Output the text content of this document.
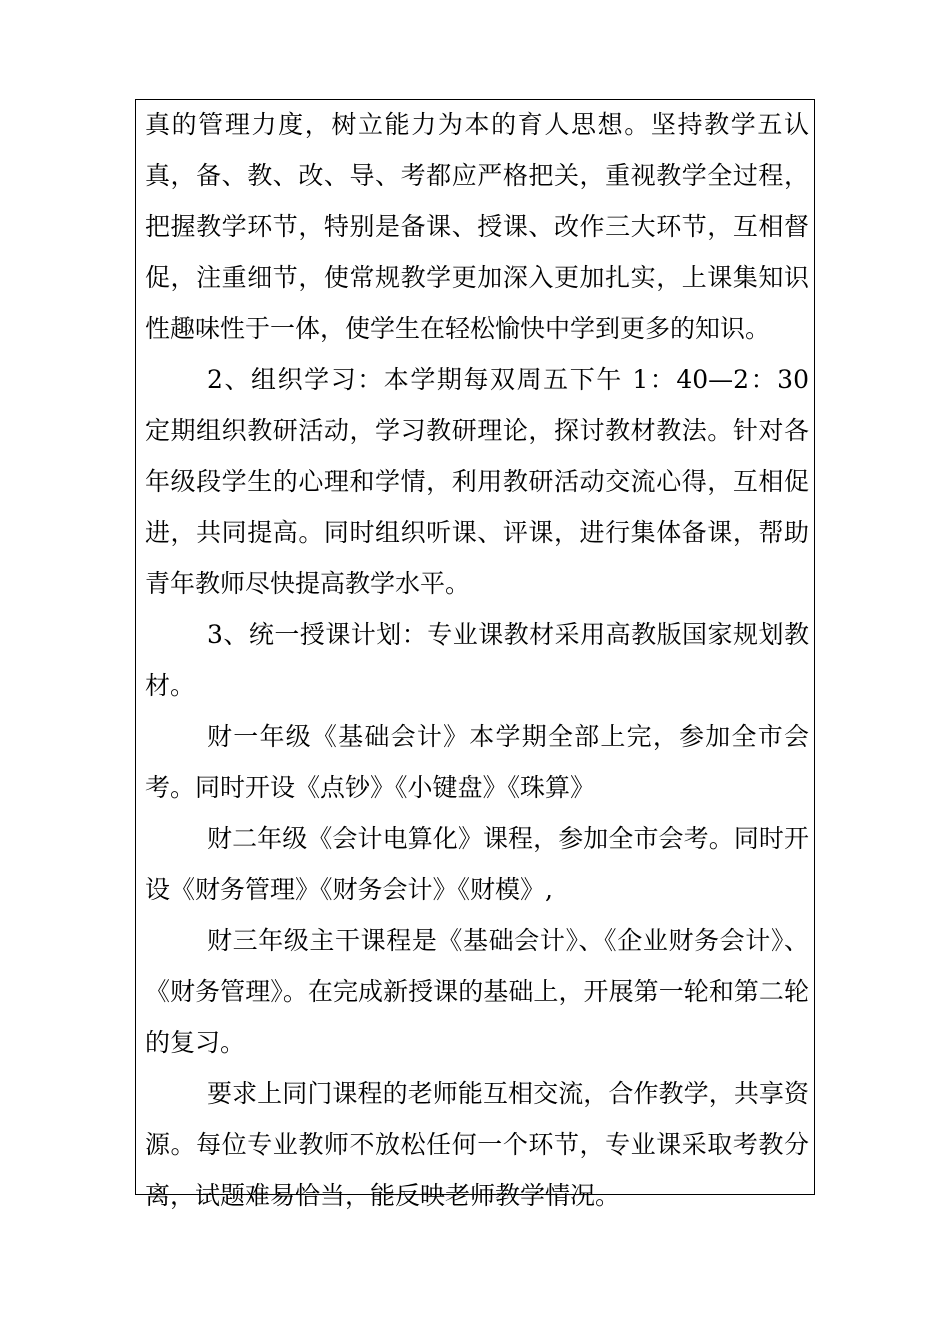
真的管理力度，树立能力为本的育人思想。坚持教学五认真，备、教、改、导、考都应严格把关，重视教学全过程，把握教学环节，特别是备课、授课、改作三大环节，互相督促，注重细节，使常规教学更加深入更加扎实，上课集知识性趣味性于一体，使学生在轻松愉快中学到更多的知识。

2、组织学习：本学期每双周五下午 1：40—2：30 定期组织教研活动，学习教研理论，探讨教材教法。针对各年级段学生的心理和学情，利用教研活动交流心得，互相促进，共同提高。同时组织听课、评课，进行集体备课，帮助青年教师尽快提高教学水平。

3、统一授课计划：专业课教材采用高教版国家规划教材。

财一年级《基础会计》本学期全部上完，参加全市会考。同时开设《点钞》《小键盘》《珠算》

财二年级《会计电算化》课程，参加全市会考。同时开设《财务管理》《财务会计》《财模》,

财三年级主干课程是《基础会计》、《企业财务会计》、《财务管理》。在完成新授课的基础上，开展第一轮和第二轮的复习。

要求上同门课程的老师能互相交流，合作教学，共享资源。每位专业教师不放松任何一个环节，专业课采取考教分离，试题难易恰当，能反映老师教学情况。
